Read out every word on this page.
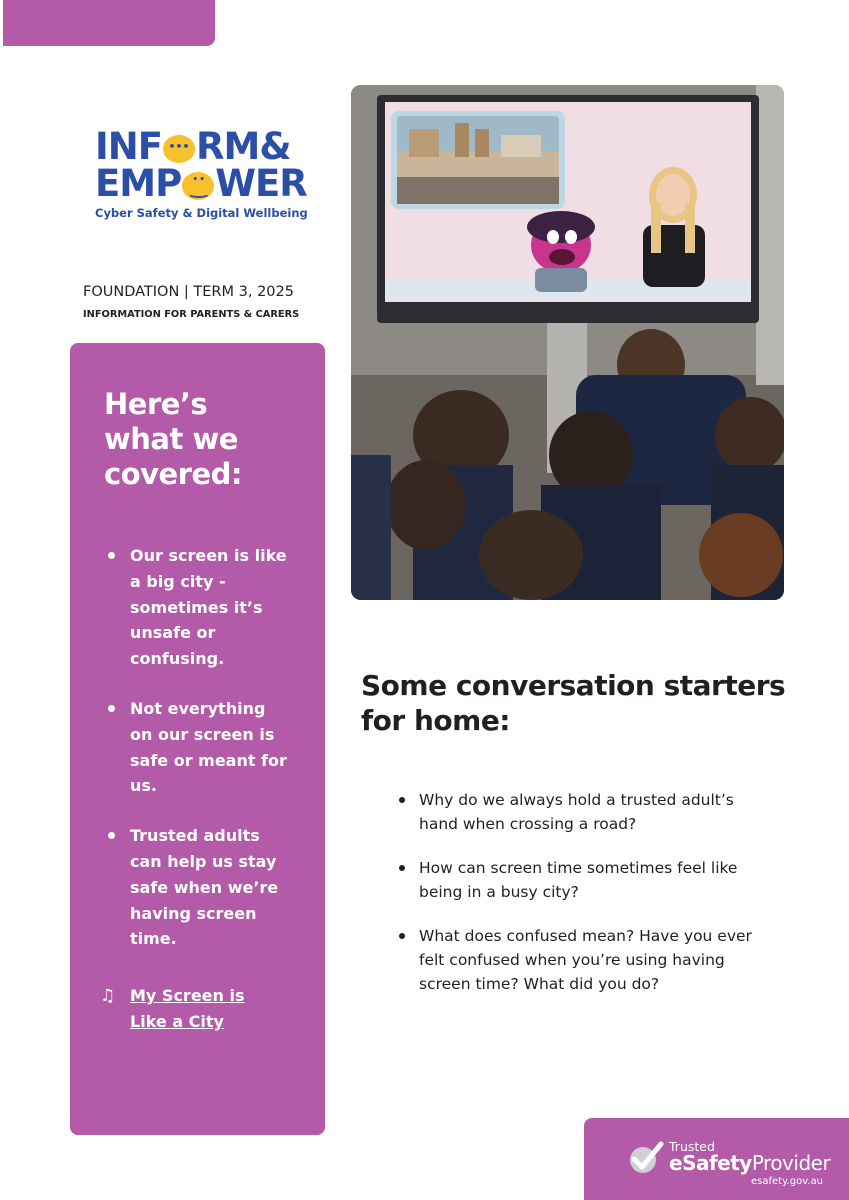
INF ••• RM&
EMP ‿ • • WER
Cyber Safety & Digital Wellbeing
FOUNDATION | TERM 3, 2025
INFORMATION FOR PARENTS & CARERS
Here’s what we covered:
Our screen is like a big city - sometimes it’s unsafe or confusing.
Not everything on our screen is safe or meant for us.
Trusted adults can help us stay safe when we’re having screen time.
♫ My Screen is Like a City
Some conversation starters for home:
Why do we always hold a trusted adult’s hand when crossing a road?
How can screen time sometimes feel like being in a busy city?
What does confused mean? Have you ever felt confused when you’re using having screen time? What did you do?
Trusted
eSafetyProvider
esafety.gov.au
